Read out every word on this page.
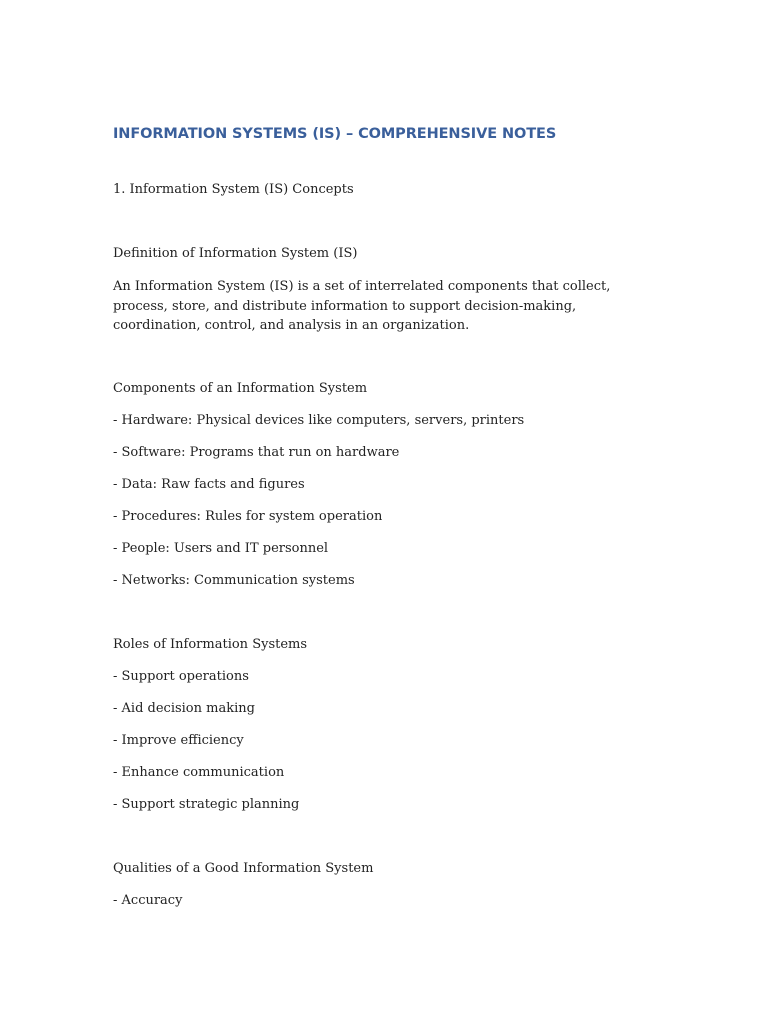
INFORMATION SYSTEMS (IS) – COMPREHENSIVE NOTES

1. Information System (IS) Concepts

Definition of Information System (IS)

An Information System (IS) is a set of interrelated components that collect, process, store, and distribute information to support decision-making, coordination, control, and analysis in an organization.

Components of an Information System

- Hardware: Physical devices like computers, servers, printers

- Software: Programs that run on hardware

- Data: Raw facts and figures

- Procedures: Rules for system operation

- People: Users and IT personnel

- Networks: Communication systems

Roles of Information Systems

- Support operations

- Aid decision making

- Improve efficiency

- Enhance communication

- Support strategic planning

Qualities of a Good Information System

- Accuracy
